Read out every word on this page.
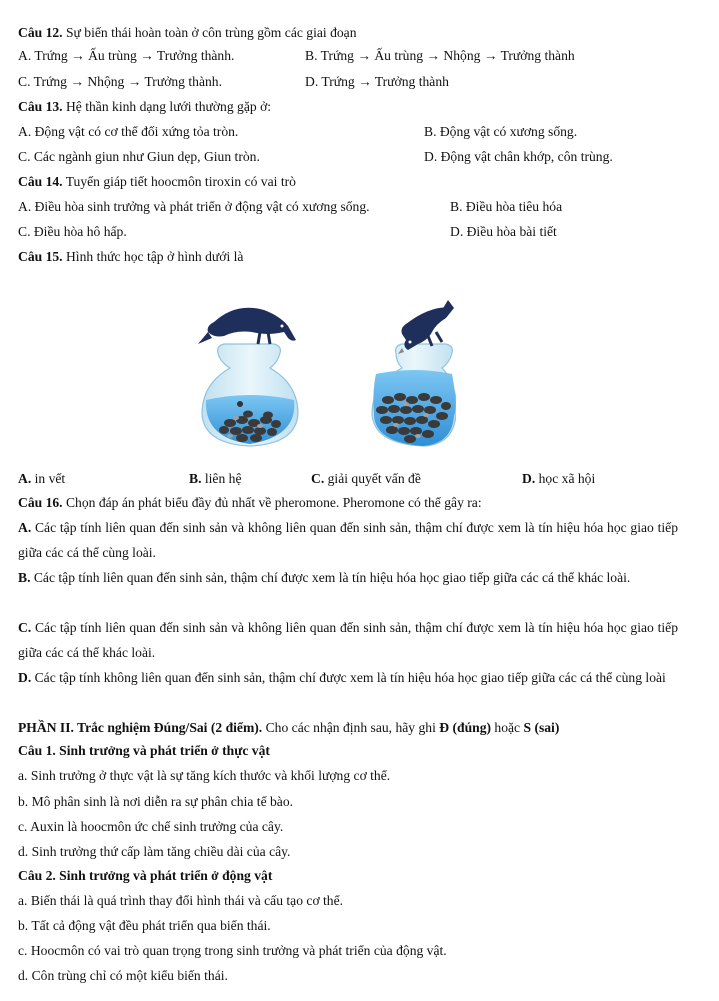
Câu 12. Sự biến thái hoàn toàn ở côn trùng gồm các giai đoạn
A. Trứng → Ấu trùng → Trưởng thành.	B. Trứng → Ấu trùng → Nhộng → Trưởng thành
C. Trứng → Nhộng → Trưởng thành.	D. Trứng → Trưởng thành
Câu 13. Hệ thần kinh dạng lưới thường gặp ở:
A. Động vật có cơ thể đối xứng tỏa tròn.	B. Động vật có xương sống.
C. Các ngành giun như Giun dẹp, Giun tròn.	D. Động vật chân khớp, côn trùng.
Câu 14. Tuyến giáp tiết hoocmôn tiroxin có vai trò
A. Điều hòa sinh trưởng và phát triển ở động vật có xương sống.	B. Điều hòa tiêu hóa
C. Điều hòa hô hấp.	D. Điều hòa bài tiết
Câu 15. Hình thức học tập ở hình dưới là
A. in vết	B. liên hệ	C. giải quyết vấn đề	D. học xã hội
Câu 16. Chọn đáp án phát biểu đầy đủ nhất về pheromone. Pheromone có thể gây ra:
A. Các tập tính liên quan đến sinh sản và không liên quan đến sinh sản, thậm chí được xem là tín hiệu hóa học giao tiếp giữa các cá thể cùng loài.
B. Các tập tính liên quan đến sinh sản, thậm chí được xem là tín hiệu hóa học giao tiếp giữa các cá thể khác loài.
C. Các tập tính liên quan đến sinh sản và không liên quan đến sinh sản, thậm chí được xem là tín hiệu hóa học giao tiếp giữa các cá thể khác loài.
D. Các tập tính không liên quan đến sinh sản, thậm chí được xem là tín hiệu hóa học giao tiếp giữa các cá thể cùng loài
PHẦN II. Trắc nghiệm Đúng/Sai (2 điểm). Cho các nhận định sau, hãy ghi Đ (đúng) hoặc S (sai)
Câu 1. Sinh trưởng và phát triển ở thực vật
a. Sinh trưởng ở thực vật là sự tăng kích thước và khối lượng cơ thể.
b. Mô phân sinh là nơi diễn ra sự phân chia tế bào.
c. Auxin là hoocmôn ức chế sinh trưởng của cây.
d. Sinh trưởng thứ cấp làm tăng chiều dài của cây.
Câu 2. Sinh trưởng và phát triển ở động vật
a. Biến thái là quá trình thay đổi hình thái và cấu tạo cơ thể.
b. Tất cả động vật đều phát triển qua biến thái.
c. Hoocmôn có vai trò quan trọng trong sinh trưởng và phát triển của động vật.
d. Côn trùng chỉ có một kiểu biến thái.
